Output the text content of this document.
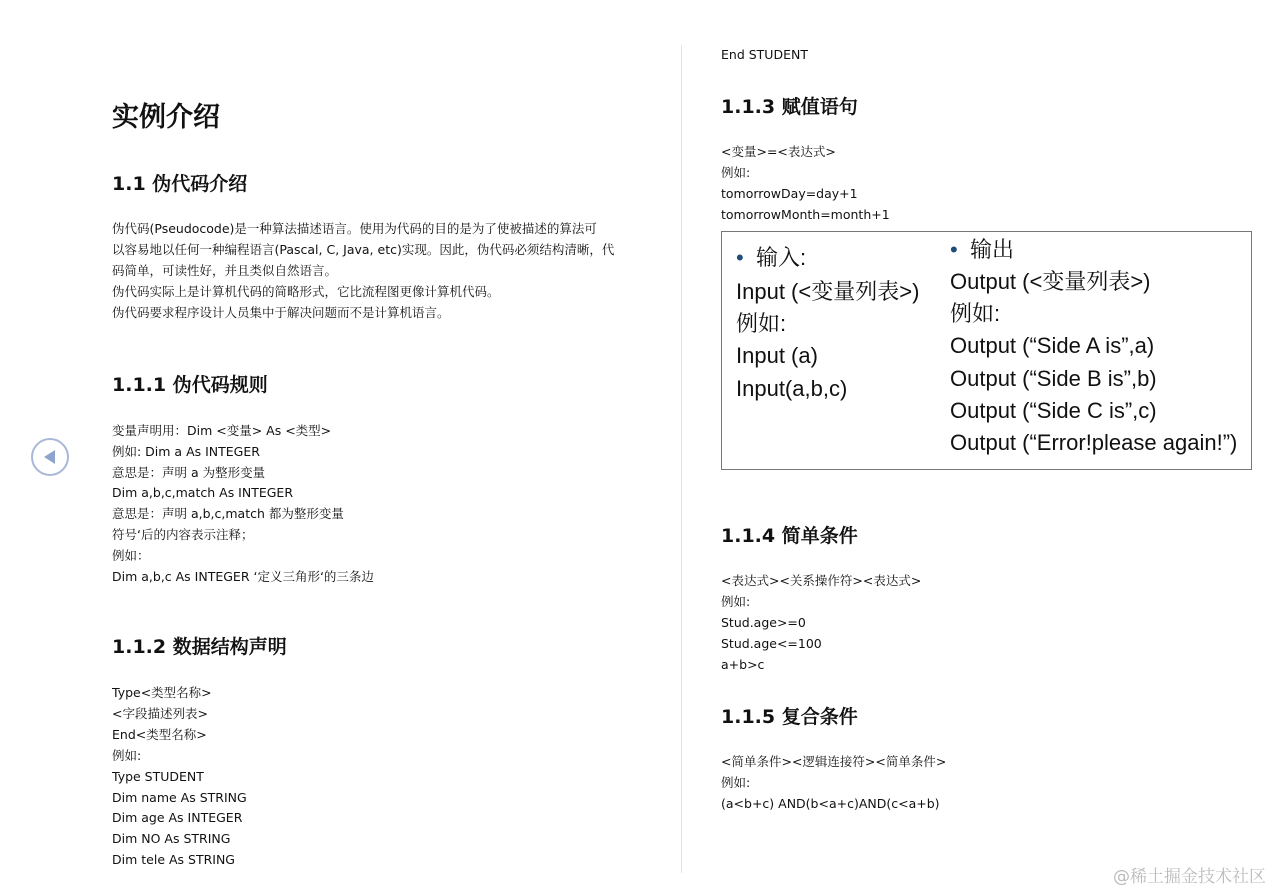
实例介绍
1.1 伪代码介绍
1.1.1 伪代码规则
1.1.2 数据结构声明
End STUDENT
1.1.3 赋值语句
1.1.4 简单条件
1.1.5 复合条件
• 输入:	• 输出
@稀土掘金技术社区
伪代码(Pseudocode)是一种算法描述语言。使用为代码的目的是为了使被描述的算法可
以容易地以任何一种编程语言(Pascal, C, Java, etc)实现。因此，伪代码必须结构清晰，代
码简单，可读性好，并且类似自然语言。
伪代码实际上是计算机代码的简略形式，它比流程图更像计算机代码。
伪代码要求程序设计人员集中于解决问题而不是计算机语言。
变量声明用：Dim <变量> As <类型>
例如: Dim a As INTEGER
意思是：声明 a 为整形变量
Dim a,b,c,match As INTEGER
意思是：声明 a,b,c,match 都为整形变量
符号‘后的内容表示注释；
例如：
Dim a,b,c As INTEGER ‘定义三角形‘的三条边
Type<类型名称>
<字段描述列表>
End<类型名称>
例如:
Type STUDENT
Dim name As STRING
Dim age As INTEGER
Dim NO As STRING
Dim tele As STRING
<变量>=<表达式>
例如:
tomorrowDay=day+1
tomorrowMonth=month+1
Input (<变量列表>)
例如:
Input (a)
Input(a,b,c)
Output (<变量列表>)
例如:
Output (“Side A is”,a)
Output (“Side B is”,b)
Output (“Side C is”,c)
Output (“Error!please again!”)
<表达式><关系操作符><表达式>
例如:
Stud.age>=0
Stud.age<=100
a+b>c
<简单条件><逻辑连接符><简单条件>
例如:
(a<b+c) AND(b<a+c)AND(c<a+b)
